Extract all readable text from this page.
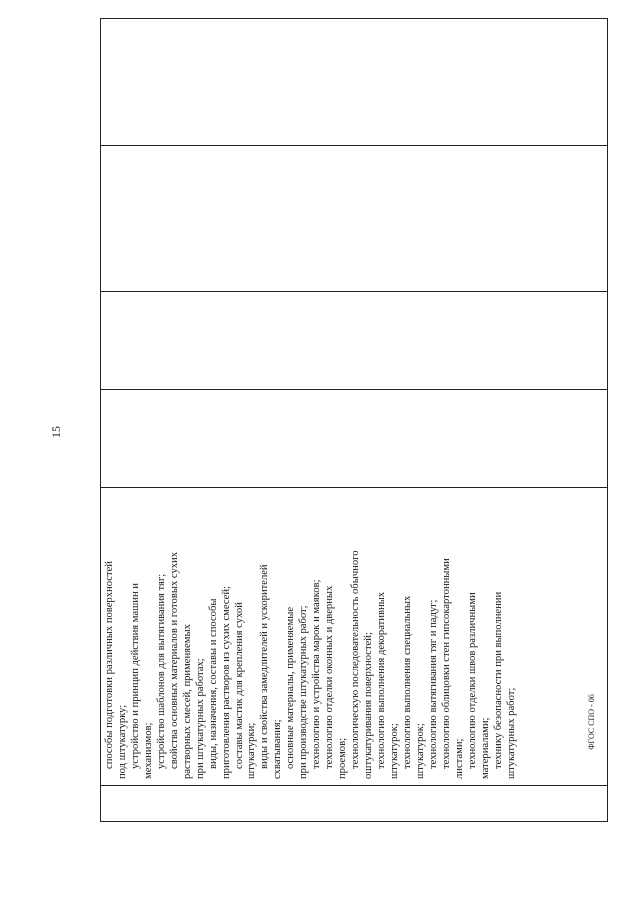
15
способы подготовки различных поверхностей под штукатурку; устройство и принцип действия машин и механизмов; устройство шаблонов для вытягивания тяг; свойства основных материалов и готовых сухих растворных смесей, применяемых при штукатурных работах; виды, назначения, составы и способы приготовления растворов из сухих смесей; составы мастик для крепления сухой штукатурки; виды и свойства замедлителей и ускорителей схватывания; основные материалы, применяемые при производстве штукатурных работ; технологию и устройства марок и маяков; технологию отделки оконных и дверных проемов; технологическую последовательность обычного оштукатуривания поверхностей; технологию выполнения декоративных штукатурок; технологию выполнения специальных штукатурок; технологию вытягивания тяг и падуг; технологию облицовки стен гипсокартонными листами; технологию отделки швов различными материалами; технику безопасности при выполнении штукатурных работ;	ФГОС СПО - 06
